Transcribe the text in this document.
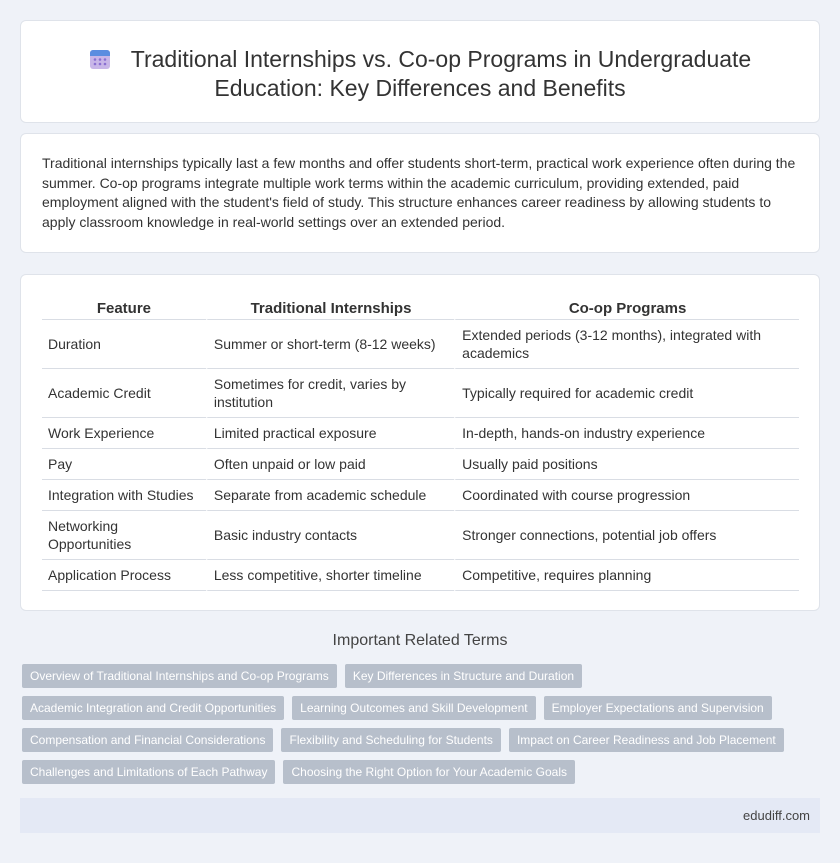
Traditional Internships vs. Co-op Programs in Undergraduate
Education: Key Differences and Benefits

Traditional internships typically last a few months and offer students short-term, practical work experience often during the summer. Co-op programs integrate multiple work terms within the academic curriculum, providing extended, paid employment aligned with the student's field of study. This structure enhances career readiness by allowing students to apply classroom knowledge in real-world settings over an extended period.

Feature	Traditional Internships	Co-op Programs
Duration	Summer or short-term (8-12 weeks)	Extended periods (3-12 months), integrated with academics
Academic Credit	Sometimes for credit, varies by institution	Typically required for academic credit
Work Experience	Limited practical exposure	In-depth, hands-on industry experience
Pay	Often unpaid or low paid	Usually paid positions
Integration with Studies	Separate from academic schedule	Coordinated with course progression
Networking Opportunities	Basic industry contacts	Stronger connections, potential job offers
Application Process	Less competitive, shorter timeline	Competitive, requires planning
Important Related Terms
Overview of Traditional Internships and Co-op Programs	Key Differences in Structure and Duration
Academic Integration and Credit Opportunities	Learning Outcomes and Skill Development	Employer Expectations and Supervision
Compensation and Financial Considerations	Flexibility and Scheduling for Students	Impact on Career Readiness and Job Placement
Challenges and Limitations of Each Pathway	Choosing the Right Option for Your Academic Goals
edudiff.com
